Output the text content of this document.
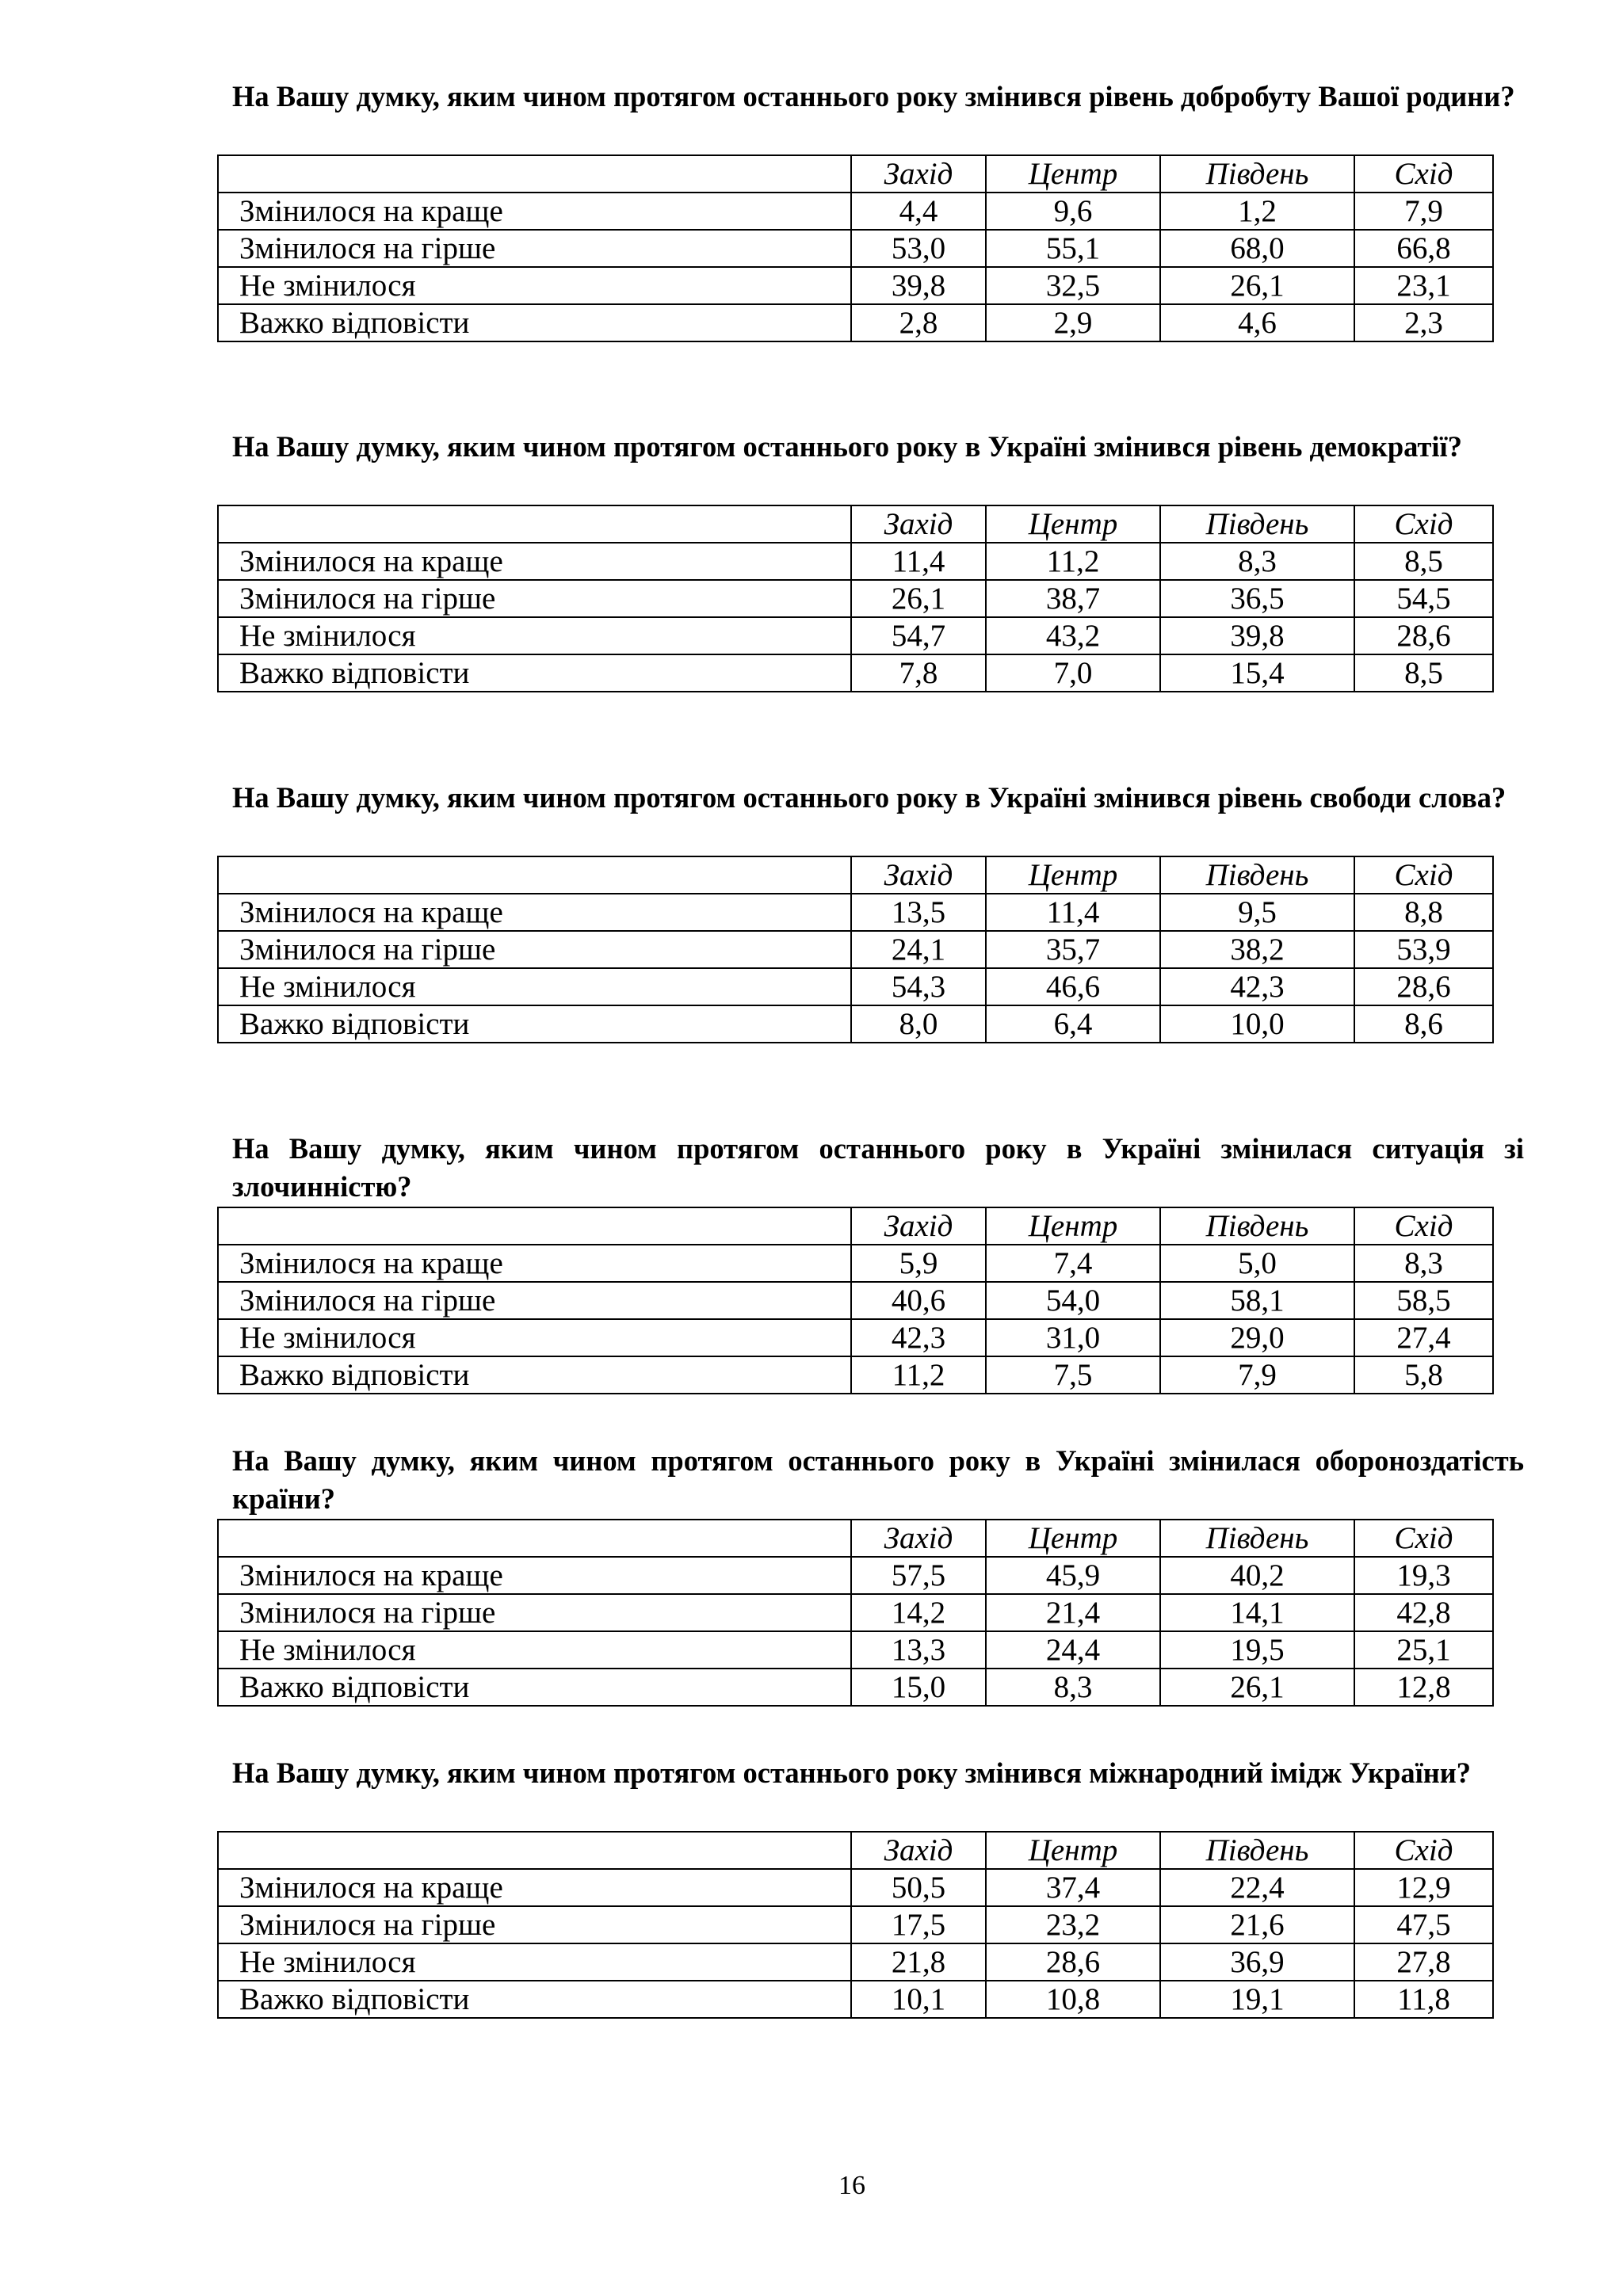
На Вашу думку, яким чином протягом останнього року змінився рівень добробуту Вашої родини?
	Захід	Центр	Південь	Схід
Змінилося на краще	4,4	9,6	1,2	7,9
Змінилося на гірше	53,0	55,1	68,0	66,8
Не змінилося	39,8	32,5	26,1	23,1
Важко відповісти	2,8	2,9	4,6	2,3
На Вашу думку, яким чином протягом останнього року в Україні змінився рівень демократії?
	Захід	Центр	Південь	Схід
Змінилося на краще	11,4	11,2	8,3	8,5
Змінилося на гірше	26,1	38,7	36,5	54,5
Не змінилося	54,7	43,2	39,8	28,6
Важко відповісти	7,8	7,0	15,4	8,5
На Вашу думку, яким чином протягом останнього року в Україні змінився рівень свободи слова?
	Захід	Центр	Південь	Схід
Змінилося на краще	13,5	11,4	9,5	8,8
Змінилося на гірше	24,1	35,7	38,2	53,9
Не змінилося	54,3	46,6	42,3	28,6
Важко відповісти	8,0	6,4	10,0	8,6
На Вашу думку, яким чином протягом останнього року в Україні змінилася ситуація зі злочинністю?
	Захід	Центр	Південь	Схід
Змінилося на краще	5,9	7,4	5,0	8,3
Змінилося на гірше	40,6	54,0	58,1	58,5
Не змінилося	42,3	31,0	29,0	27,4
Важко відповісти	11,2	7,5	7,9	5,8
На Вашу думку, яким чином протягом останнього року в Україні змінилася обороноздатість країни?
	Захід	Центр	Південь	Схід
Змінилося на краще	57,5	45,9	40,2	19,3
Змінилося на гірше	14,2	21,4	14,1	42,8
Не змінилося	13,3	24,4	19,5	25,1
Важко відповісти	15,0	8,3	26,1	12,8
На Вашу думку, яким чином протягом останнього року змінився міжнародний імідж України?
	Захід	Центр	Південь	Схід
Змінилося на краще	50,5	37,4	22,4	12,9
Змінилося на гірше	17,5	23,2	21,6	47,5
Не змінилося	21,8	28,6	36,9	27,8
Важко відповісти	10,1	10,8	19,1	11,8
16
